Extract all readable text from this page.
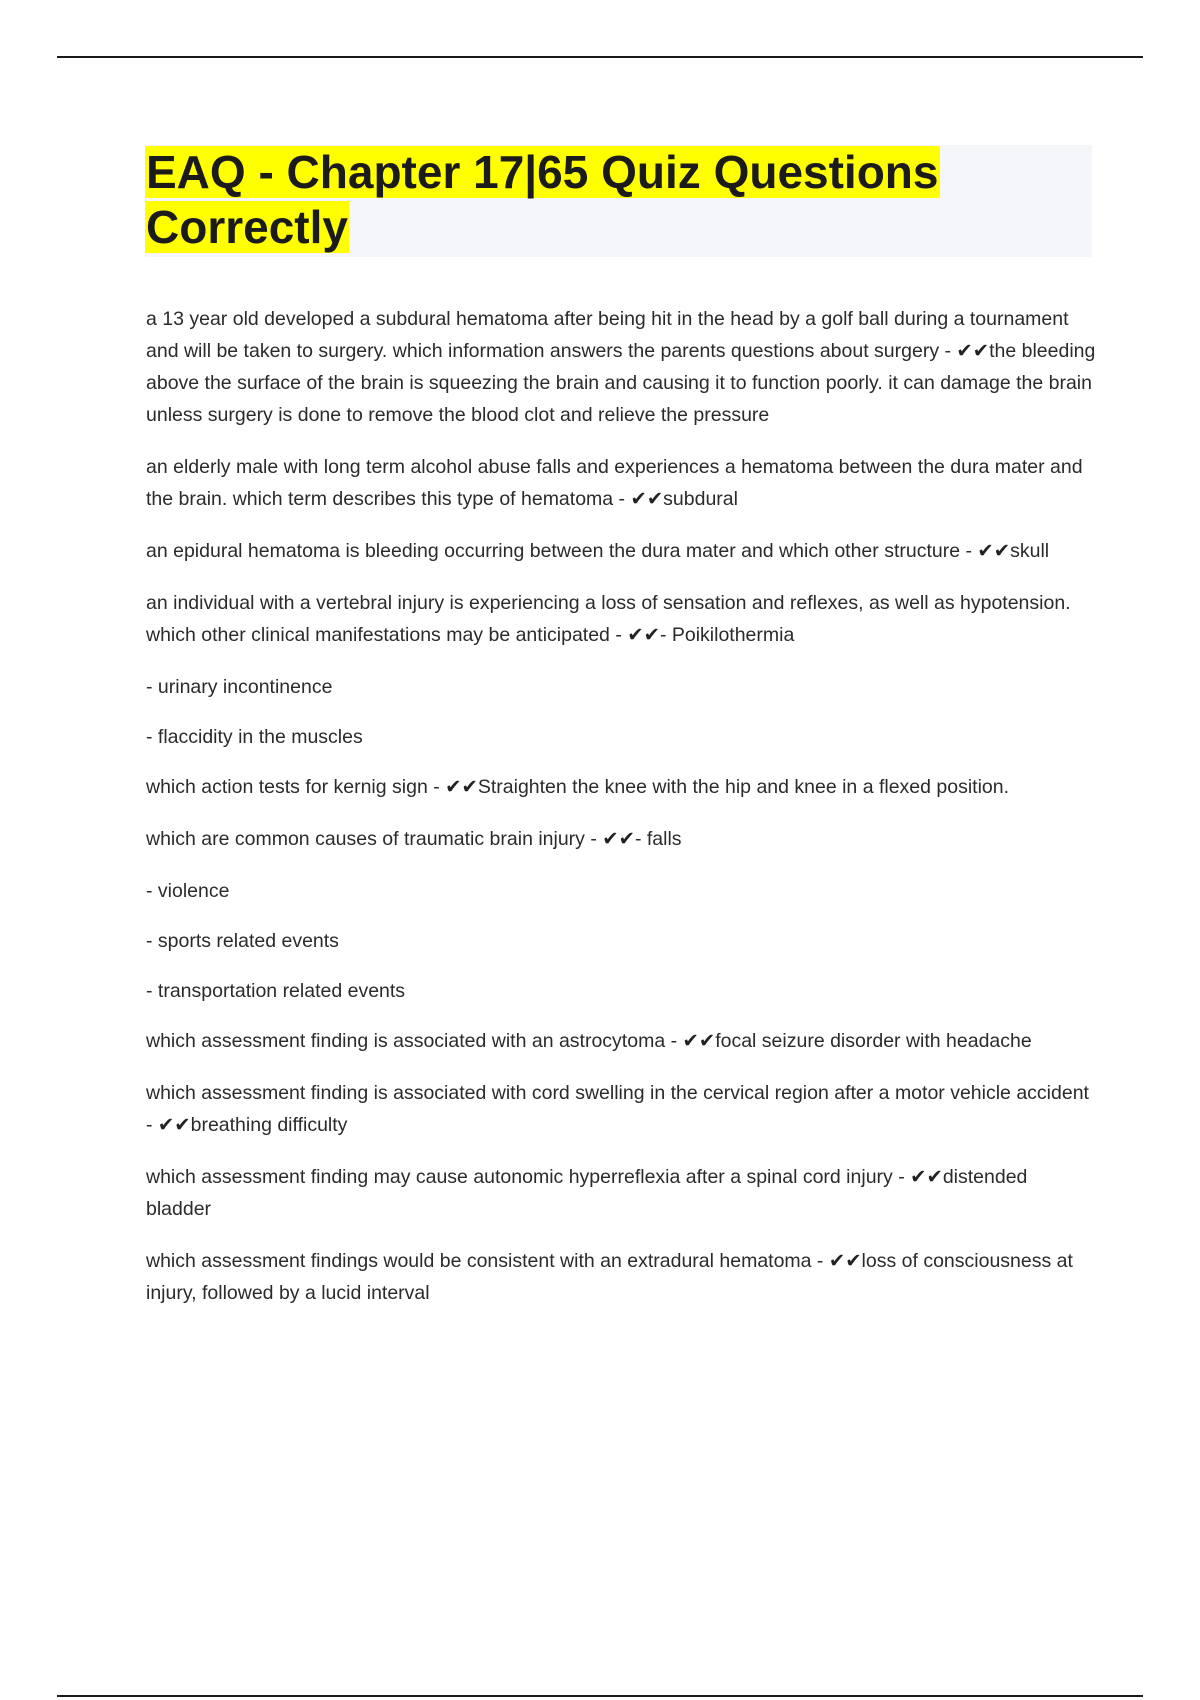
EAQ - Chapter 17|65 Quiz Questions Correctly

a 13 year old developed a subdural hematoma after being hit in the head by a golf ball during a tournament and will be taken to surgery. which information answers the parents questions about surgery - ✔✔the bleeding above the surface of the brain is squeezing the brain and causing it to function poorly. it can damage the brain unless surgery is done to remove the blood clot and relieve the pressure

an elderly male with long term alcohol abuse falls and experiences a hematoma between the dura mater and the brain. which term describes this type of hematoma - ✔✔subdural

an epidural hematoma is bleeding occurring between the dura mater and which other structure - ✔✔skull

an individual with a vertebral injury is experiencing a loss of sensation and reflexes, as well as hypotension. which other clinical manifestations may be anticipated - ✔✔- Poikilothermia

- urinary incontinence

- flaccidity in the muscles

which action tests for kernig sign - ✔✔Straighten the knee with the hip and knee in a flexed position.

which are common causes of traumatic brain injury - ✔✔- falls

- violence

- sports related events

- transportation related events

which assessment finding is associated with an astrocytoma - ✔✔focal seizure disorder with headache

which assessment finding is associated with cord swelling in the cervical region after a motor vehicle accident - ✔✔breathing difficulty

which assessment finding may cause autonomic hyperreflexia after a spinal cord injury - ✔✔distended bladder

which assessment findings would be consistent with an extradural hematoma - ✔✔loss of consciousness at injury, followed by a lucid interval
